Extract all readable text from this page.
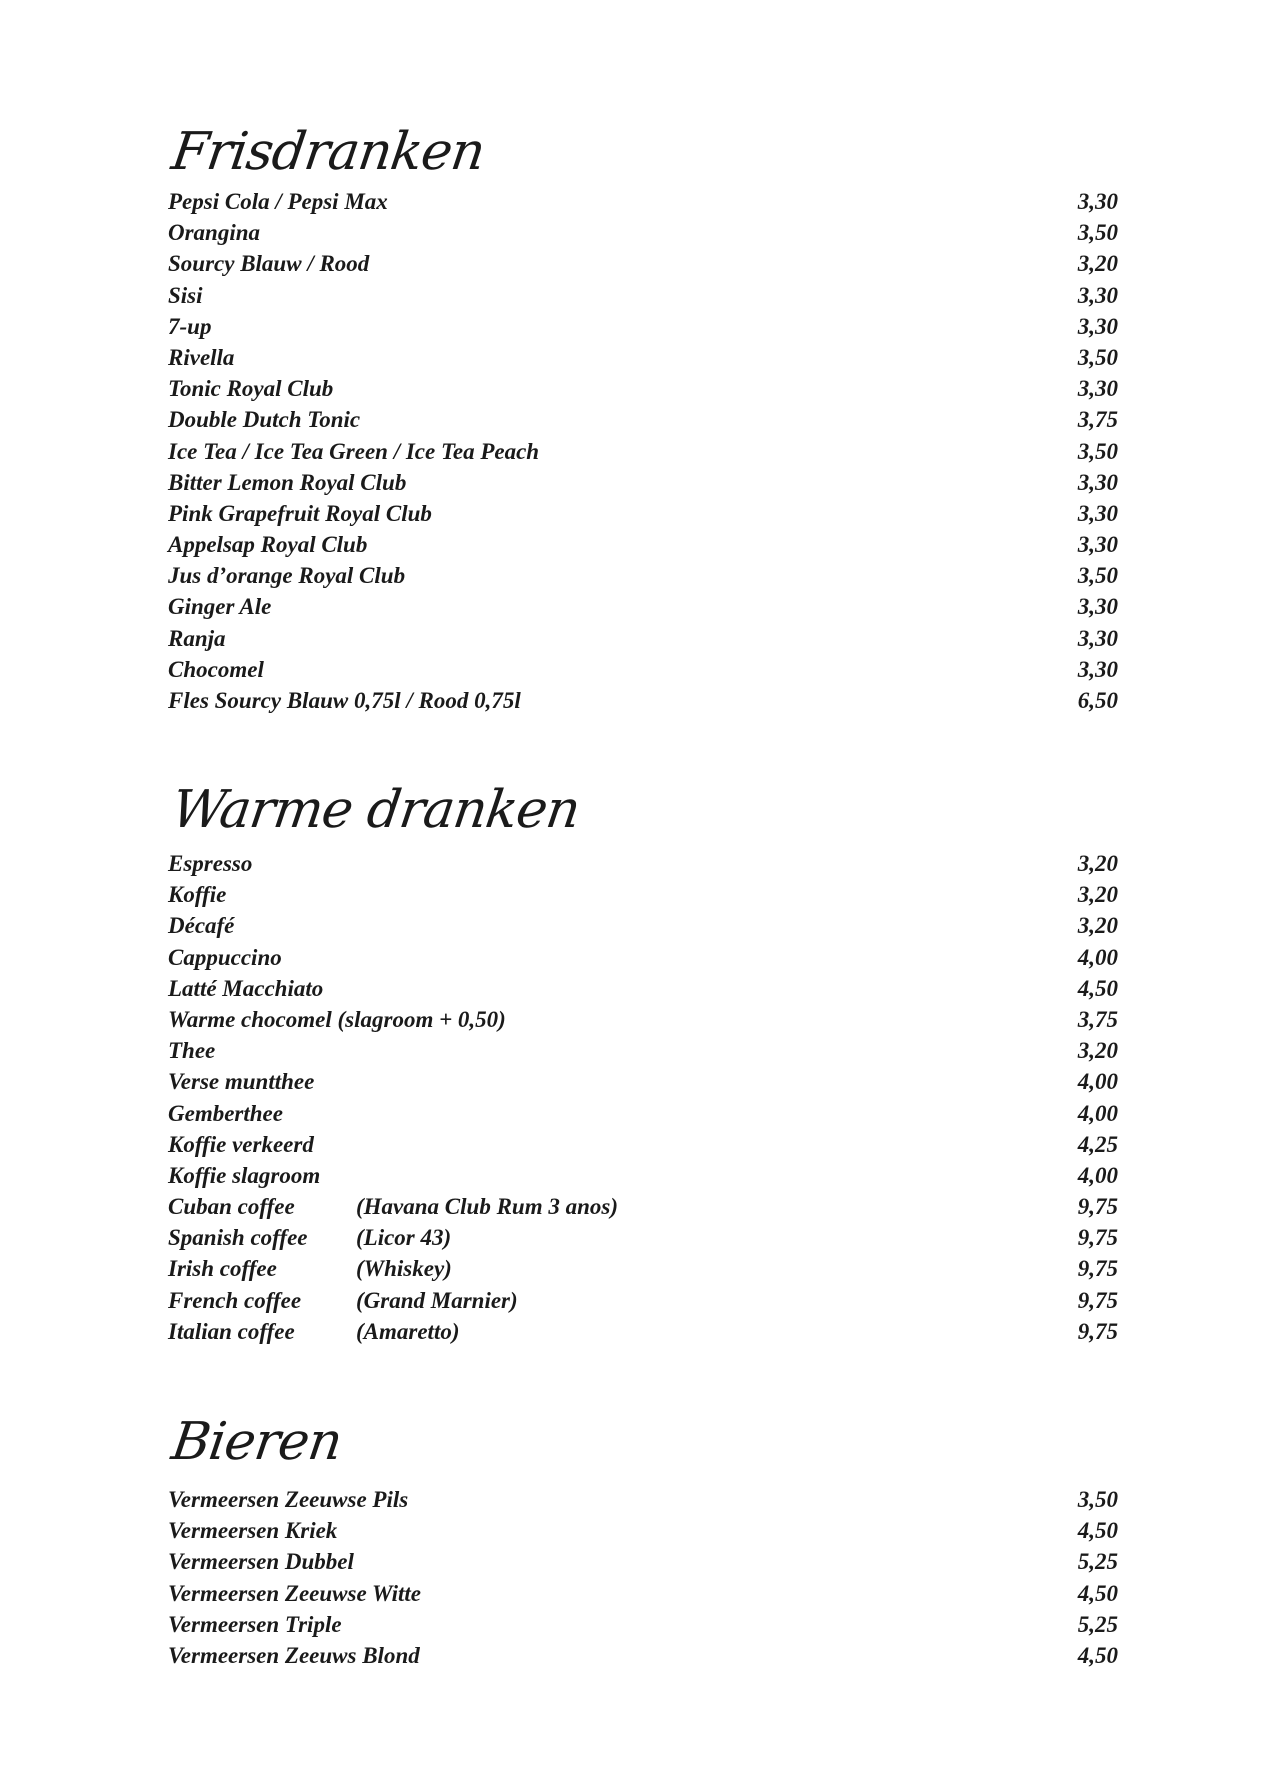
Frisdranken
Pepsi Cola / Pepsi Max	3,30
Orangina	3,50
Sourcy Blauw / Rood	3,20
Sisi	3,30
7-up	3,30
Rivella	3,50
Tonic Royal Club	3,30
Double Dutch Tonic	3,75
Ice Tea / Ice Tea Green / Ice Tea Peach	3,50
Bitter Lemon Royal Club	3,30
Pink Grapefruit Royal Club	3,30
Appelsap Royal Club	3,30
Jus d’orange Royal Club	3,50
Ginger Ale	3,30
Ranja	3,30
Chocomel	3,30
Fles Sourcy Blauw 0,75l / Rood 0,75l	6,50
Warme dranken
Espresso	3,20
Koffie	3,20
Décafé	3,20
Cappuccino	4,00
Latté Macchiato	4,50
Warme chocomel (slagroom + 0,50)	3,75
Thee	3,20
Verse muntthee	4,00
Gemberthee	4,00
Koffie verkeerd	4,25
Koffie slagroom	4,00
Cuban coffee	(Havana Club Rum 3 anos)	9,75
Spanish coffee (Licor 43)	9,75
Irish coffee	(Whiskey)	9,75
French coffee (Grand Marnier)	9,75
Italian coffee	(Amaretto)	9,75
Bieren
Vermeersen Zeeuwse Pils	3,50
Vermeersen Kriek	4,50
Vermeersen Dubbel	5,25
Vermeersen Zeeuwse Witte	4,50
Vermeersen Triple	5,25
Vermeersen Zeeuws Blond	4,50
